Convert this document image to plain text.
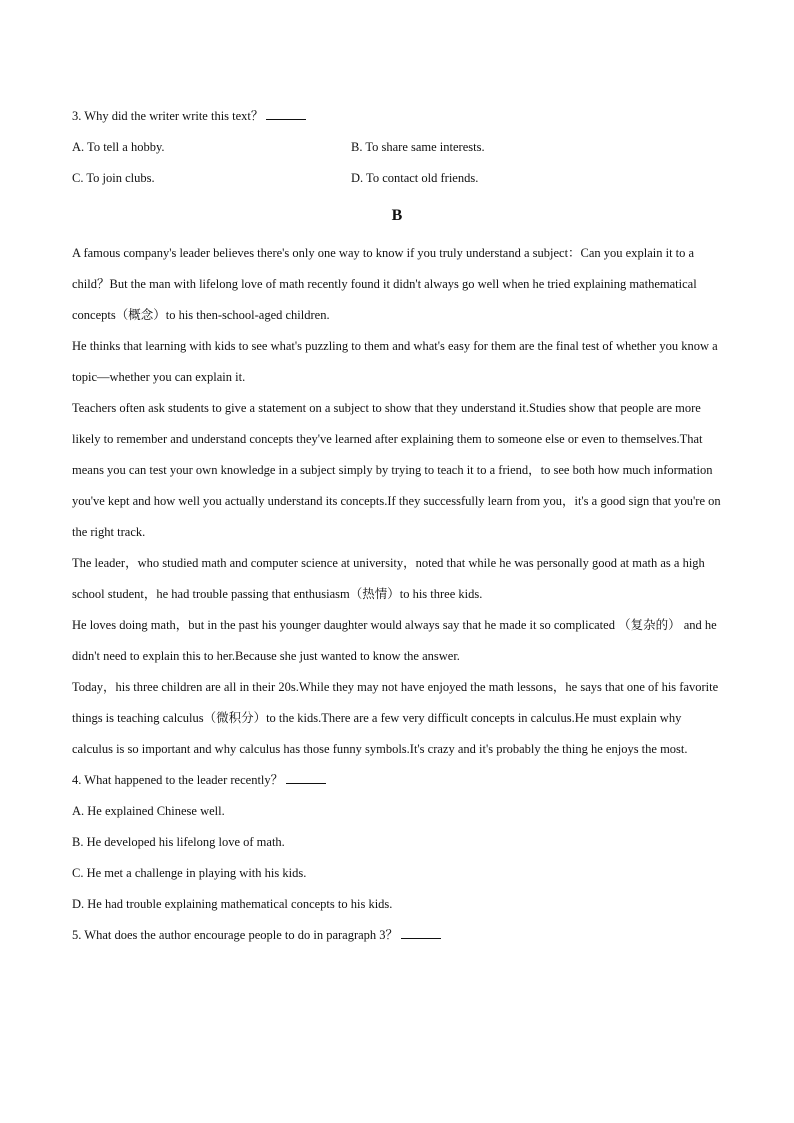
3. Why did the writer write this text？
A. To tell a hobby.	B. To share same interests.
C. To join clubs.	D. To contact old friends.
B
A famous company's leader believes there's only one way to know if you truly understand a subject：Can you explain it to a child？But the man with lifelong love of math recently found it didn't always go well when he tried explaining mathematical concepts（概念）to his then-school-aged children.
He thinks that learning with kids to see what's puzzling to them and what's easy for them are the final test of whether you know a topic—whether you can explain it.
Teachers often ask students to give a statement on a subject to show that they understand it.Studies show that people are more likely to remember and understand concepts they've learned after explaining them to someone else or even to themselves.That means you can test your own knowledge in a subject simply by trying to teach it to a friend，to see both how much information you've kept and how well you actually understand its concepts.If they successfully learn from you，it's a good sign that you're on the right track.
The leader，who studied math and computer science at university，noted that while he was personally good at math as a high school student，he had trouble passing that enthusiasm（热情）to his three kids.
He loves doing math，but in the past his younger daughter would always say that he made it so complicated （复杂的） and he didn't need to explain this to her.Because she just wanted to know the answer.
Today，his three children are all in their 20s.While they may not have enjoyed the math lessons，he says that one of his favorite things is teaching calculus（微积分）to the kids.There are a few very difficult concepts in calculus.He must explain why calculus is so important and why calculus has those funny symbols.It's crazy and it's probably the thing he enjoys the most.
4. What happened to the leader recently？
A. He explained Chinese well.
B. He developed his lifelong love of math.
C. He met a challenge in playing with his kids.
D. He had trouble explaining mathematical concepts to his kids.
5. What does the author encourage people to do in paragraph 3？
